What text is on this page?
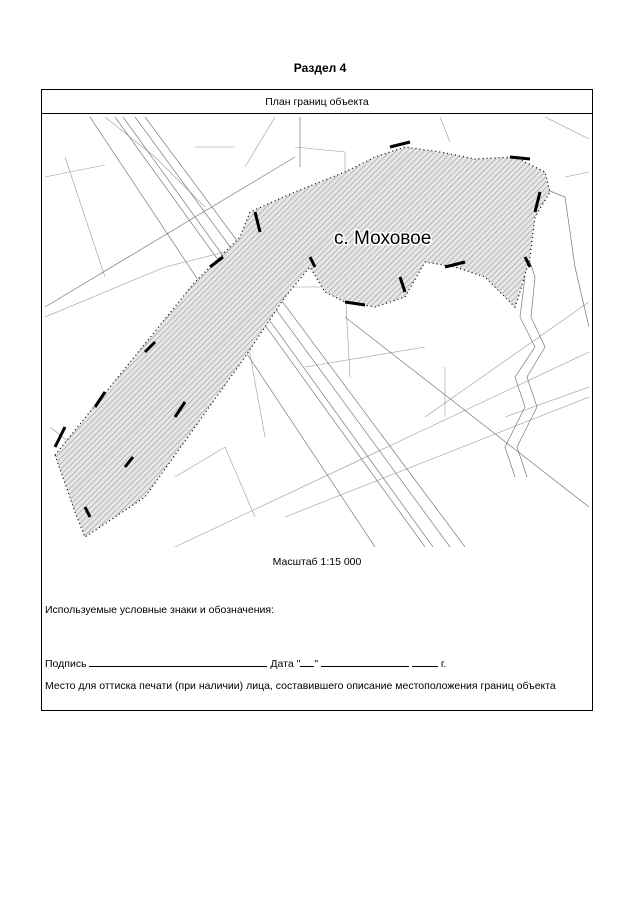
Раздел 4
План границ объекта
с. Моховое
Масштаб 1:15 000
Используемые условные знаки и обозначения:
Подпись	Дата " "	г.
Место для оттиска печати (при наличии) лица, составившего описание местоположения границ объекта
